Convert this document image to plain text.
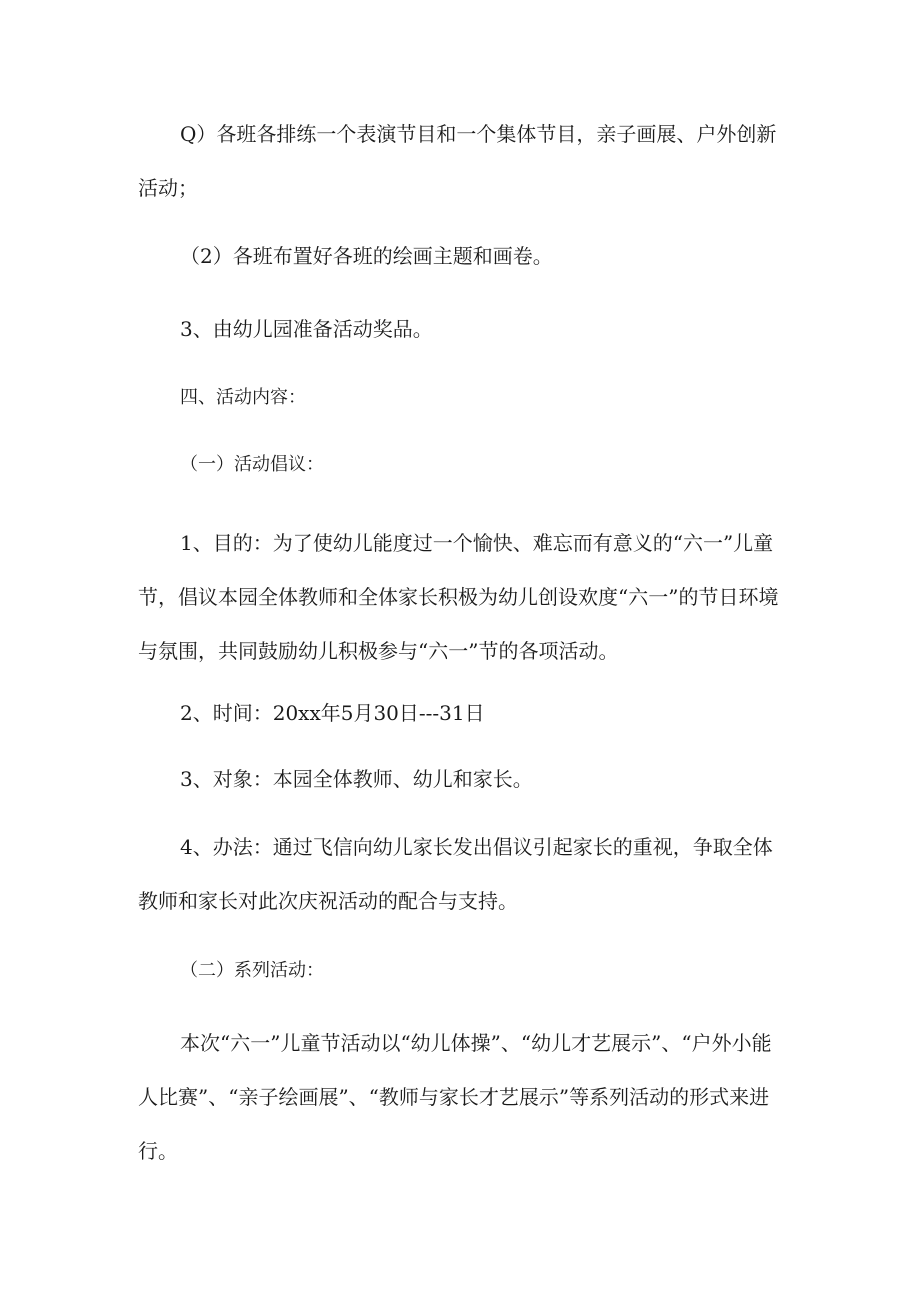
Q）各班各排练一个表演节目和一个集体节目，亲子画展、户外创新活动；

（2）各班布置好各班的绘画主题和画卷。

3、由幼儿园准备活动奖品。

四、活动内容：

（一）活动倡议：

1、目的：为了使幼儿能度过一个愉快、难忘而有意义的“六一”儿童节，倡议本园全体教师和全体家长积极为幼儿创设欢度“六一”的节日环境与氛围，共同鼓励幼儿积极参与“六一”节的各项活动。

2、时间：20xx年5月30日---31日

3、对象：本园全体教师、幼儿和家长。

4、办法：通过飞信向幼儿家长发出倡议引起家长的重视，争取全体教师和家长对此次庆祝活动的配合与支持。

（二）系列活动：

本次“六一”儿童节活动以“幼儿体操”、“幼儿才艺展示”、“户外小能人比赛”、“亲子绘画展”、“教师与家长才艺展示”等系列活动的形式来进行。
